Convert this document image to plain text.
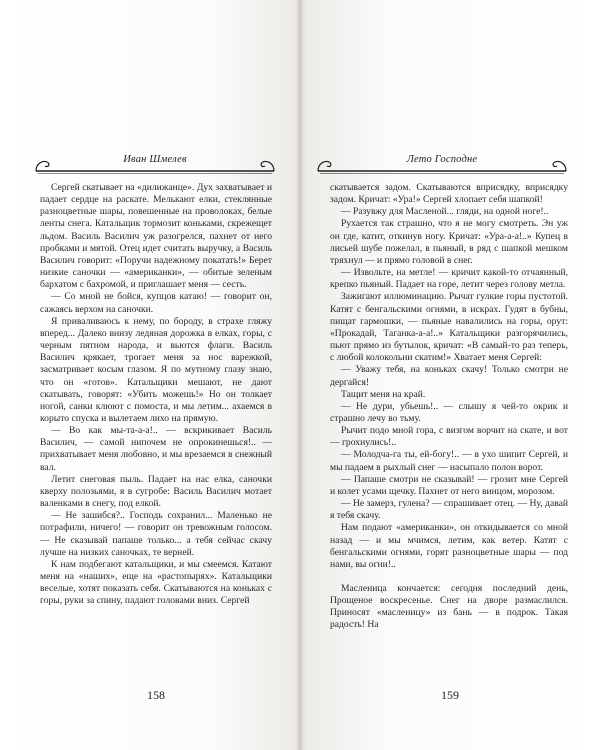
Иван Шмелев

Сергей скатывает на «дилижанце». Дух захватывает и падает сердце на раскате. Мелькают елки, стеклянные разноцветные шары, повешенные на проволоках, белые ленты снега. Катальщик тормозит коньками, скрежещет льдом. Василь Василич уж разогрелся, пахнет от него пробками и мятой. Отец идет считать выручку, а Василь Василич говорит: «Поручи надежному покатать!» Берет низкие саночки — «американки», — обитые зеленым бархатом с бахромой, и приглашает меня — сесть.

— Со мной не бойся, купцов катаю! — говорит он, сажаясь верхом на саночки.

Я приваливаюсь к нему, по бороду, в страхе гляжу вперед... Далеко внизу ледяная дорожка в елках, горы, с черным пятном народа, и вьются флаги. Василь Василич крякает, трогает меня за нос варежкой, засматривает косым глазом. Я по мутному глазу знаю, что он «готов». Катальщики мешают, не дают скатывать, говорят: «Убить можешь!» Но он толкает ногой, санки клюют с помоста, и мы летим... ахаемся в корыто спуска и вылетаем лихо на прямую.

— Во как мы-та-а-а!.. — вскрикивает Василь Василич, — самой нипочем не опрокинешься!.. — прихватывает меня любовно, и мы врезаемся в снежный вал.

Летит снеговая пыль. Падает на нас елка, саночки кверху полозьями, я в сугробе: Василь Василич мотает валенками в снегу, под елкой.

— Не зашибся?.. Господь сохранил... Маленько не потрафили, ничего! — говорит он тревожным голосом. — Не сказывай папаше только... а тебя сейчас скачу лучше на низких саночках, те верней.

К нам подбегают катальщики, и мы смеемся. Катают меня на «наших», еще на «растопырях». Катальщики веселые, хотят показать себя. Скатываются на коньках с горы, руки за спину, падают головами вниз. Сергей

158
Лето Господне

скатывается задом. Скатываются вприсядку, вприсядку задом. Кричат: «Ура!» Сергей хлопает себя шапкой!

— Разувжу для Масленой... гляди, на одной ноге!..

Рухается так страшно, что я не могу смотреть. Эн уж он где, катит, откинув ногу. Кричат: «Ура-а-а!..» Купец в лисьей шубе пожелал, в пьяный, в ряд с шапкой мешком тряхнул — и прямо головой в снег.

— Извольте, на метле! — кричит какой-то отчаянный, крепко пьяный. Падает на горе, летит через голову метла.

Зажигают иллюминацию. Рычат гулкие горы пустотой. Катят с бенгальскими огнями, в искрах. Гудят в бубны, пищат гармошки, — пьяные навалились на горы, орут: «Прокадай, Таганка-а-а!..» Катальщики разгорячились, пьют прямо из бутылок, кричат: «В самый-то раз теперь, с любой колокольни скатим!» Хватает меня Сергей:

— Уважу тебя, на коньках скачу! Только смотри не дергайся!

Тащит меня на край.

— Не дури, убьешь!.. — слышу я чей-то окрик и страшно лечу во тьму.

Рычит подо мной гора, с визгом ворчит на скате, и вот — грохнулись!..

— Молодча-га ты, ей-богу!.. — в ухо шипит Сергей, и мы падаем в рыхлый снег — насыпало полон ворот.

— Папаше смотри не сказывай! — грозит мне Сергей и колет усами щечку. Пахнет от него винцом, морозом.

— Не замерз, гулена? — спрашивает отец. — Ну, давай я тебя скачу.

Нам подают «американки», он откидывается со мной назад — и мы мчимся, летим, как ветер. Катят с бенгальскими огнями, горят разноцветные шары — под нами, вы огни!..

Масленица кончается: сегодня последний день, Прощеное воскресенье. Снег на дворе размаслился. Приносят «масленицу» из бань — в подрок. Такая радость! На

159
